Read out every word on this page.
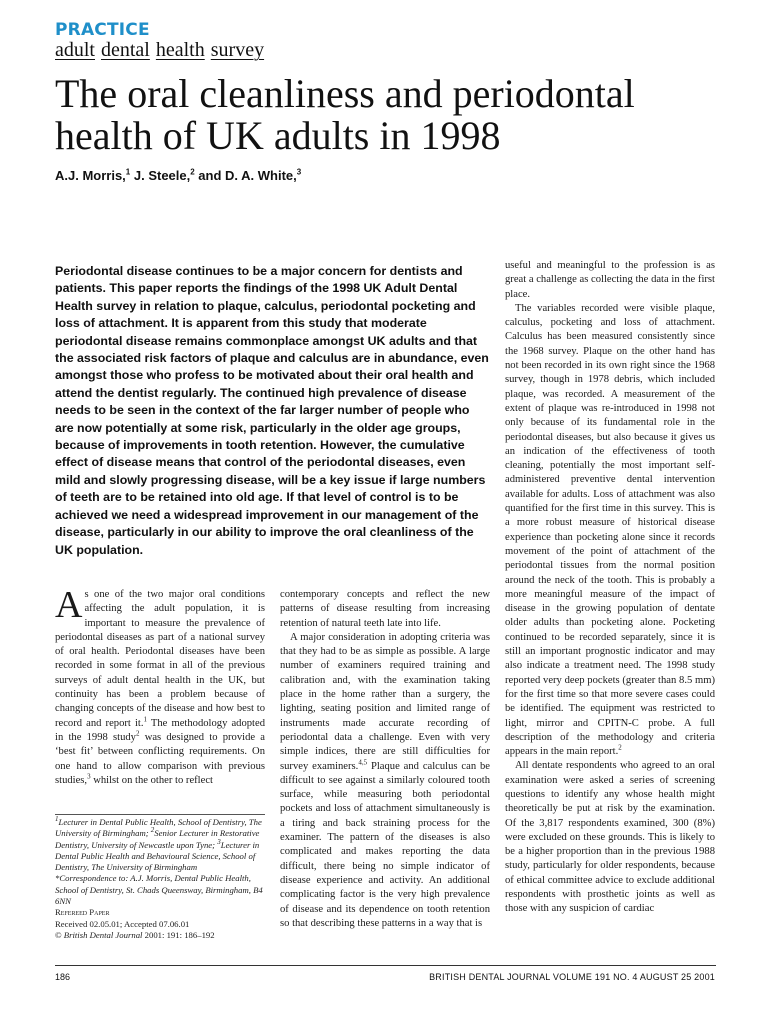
PRACTICE
adult dental health survey
The oral cleanliness and periodontal health of UK adults in 1998
A.J. Morris,$^1$ J. Steele,$^2$ and D. A. White,$^3$

Periodontal disease continues to be a major concern for dentists and patients. This paper reports the findings of the 1998 UK Adult Dental Health survey in relation to plaque, calculus, periodontal pocketing and loss of attachment. It is apparent from this study that moderate periodontal disease remains commonplace amongst UK adults and that the associated risk factors of plaque and calculus are in abundance, even amongst those who profess to be motivated about their oral health and attend the dentist regularly. The continued high prevalence of disease needs to be seen in the context of the far larger number of people who are now potentially at some risk, particularly in the older age groups, because of improvements in tooth retention. However, the cumulative effect of disease means that control of the periodontal diseases, even mild and slowly progressing disease, will be a key issue if large numbers of teeth are to be retained into old age. If that level of control is to be achieved we need a widespread improvement in our management of the disease, particularly in our ability to improve the oral cleanliness of the UK population.

As one of the two major oral conditions affecting the adult population, it is important to measure the prevalence of periodontal diseases as part of a national survey of oral health. Periodontal diseases have been recorded in some format in all of the previous surveys of adult dental health in the UK, but continuity has been a problem because of changing concepts of the disease and how best to record and report it.$^1$ The methodology adopted in the 1998 study$^2$ was designed to provide a ‘best fit’ between conflicting requirements. On one hand to allow comparison with previous studies,$^3$ whilst on the other to reflect

$^1$Lecturer in Dental Public Health, School of Dentistry, The University of Birmingham; $^2$Senior Lecturer in Restorative Dentistry, University of Newcastle upon Tyne; $^3$Lecturer in Dental Public Health and Behavioural Science, School of Dentistry, The University of Birmingham
*Correspondence to: A.J. Morris, Dental Public Health, School of Dentistry, St. Chads Queensway, Birmingham, B4 6NN
Refereed Paper
Received 02.05.01; Accepted 07.06.01
© British Dental Journal 2001: 191: 186–192

contemporary concepts and reflect the new patterns of disease resulting from increasing retention of natural teeth late into life.

A major consideration in adopting criteria was that they had to be as simple as possible. A large number of examiners required training and calibration and, with the examination taking place in the home rather than a surgery, the lighting, seating position and limited range of instruments made accurate recording of periodontal data a challenge. Even with very simple indices, there are still difficulties for survey examiners.$^{4,5}$ Plaque and calculus can be difficult to see against a similarly coloured tooth surface, while measuring both periodontal pockets and loss of attachment simultaneously is a tiring and back straining process for the examiner. The pattern of the diseases is also complicated and makes reporting the data difficult, there being no simple indicator of disease experience and activity. An additional complicating factor is the very high prevalence of disease and its dependence on tooth retention so that describing these patterns in a way that is

useful and meaningful to the profession is as great a challenge as collecting the data in the first place.

The variables recorded were visible plaque, calculus, pocketing and loss of attachment. Calculus has been measured consistently since the 1968 survey. Plaque on the other hand has not been recorded in its own right since the 1968 survey, though in 1978 debris, which included plaque, was recorded. A measurement of the extent of plaque was re-introduced in 1998 not only because of its fundamental role in the periodontal diseases, but also because it gives us an indication of the effectiveness of tooth cleaning, potentially the most important self-administered preventive dental intervention available for adults. Loss of attachment was also quantified for the first time in this survey. This is a more robust measure of historical disease experience than pocketing alone since it records movement of the point of attachment of the periodontal tissues from the normal position around the neck of the tooth. This is probably a more meaningful measure of the impact of disease in the growing population of dentate older adults than pocketing alone. Pocketing continued to be recorded separately, since it is still an important prognostic indicator and may also indicate a treatment need. The 1998 study reported very deep pockets (greater than 8.5 mm) for the first time so that more severe cases could be identified. The equipment was restricted to light, mirror and CPITN-C probe. A full description of the methodology and criteria appears in the main report.$^2$

All dentate respondents who agreed to an oral examination were asked a series of screening questions to identify any whose health might theoretically be put at risk by the examination. Of the 3,817 respondents examined, 300 (8%) were excluded on these grounds. This is likely to be a higher proportion than in the previous 1988 study, particularly for older respondents, because of ethical committee advice to exclude additional respondents with prosthetic joints as well as those with any suspicion of cardiac

186	BRITISH DENTAL JOURNAL VOLUME 191 NO. 4 AUGUST 25 2001
